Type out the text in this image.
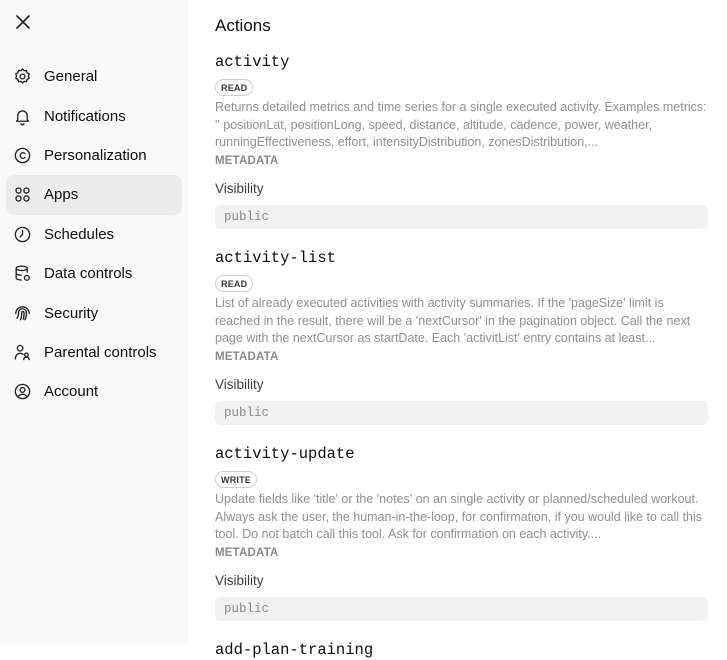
General
Notifications
Personalization
Apps
Schedules
Data controls
Security
Parental controls
Account
Actions
activity
READ
Returns detailed metrics and time series for a single executed activity. Examples metrics: '' positionLat, positionLong, speed, distance, altitude, cadence, power, weather, runningEffectiveness, effort, intensityDistribution, zonesDistribution,...
METADATA
Visibility
public
activity-list
READ
List of already executed activities with activity summaries. If the 'pageSize' limit is reached in the result, there will be a 'nextCursor' in the pagination object. Call the next page with the nextCursor as startDate. Each 'activitList' entry contains at least...
METADATA
Visibility
public
activity-update
WRITE
Update fields like 'title' or the 'notes' on an single activity or planned/scheduled workout. Always ask the user, the human-in-the-loop, for confirmation, if you would like to call this tool. Do not batch call this tool. Ask for confirmation on each activity....
METADATA
Visibility
public
add-plan-training
